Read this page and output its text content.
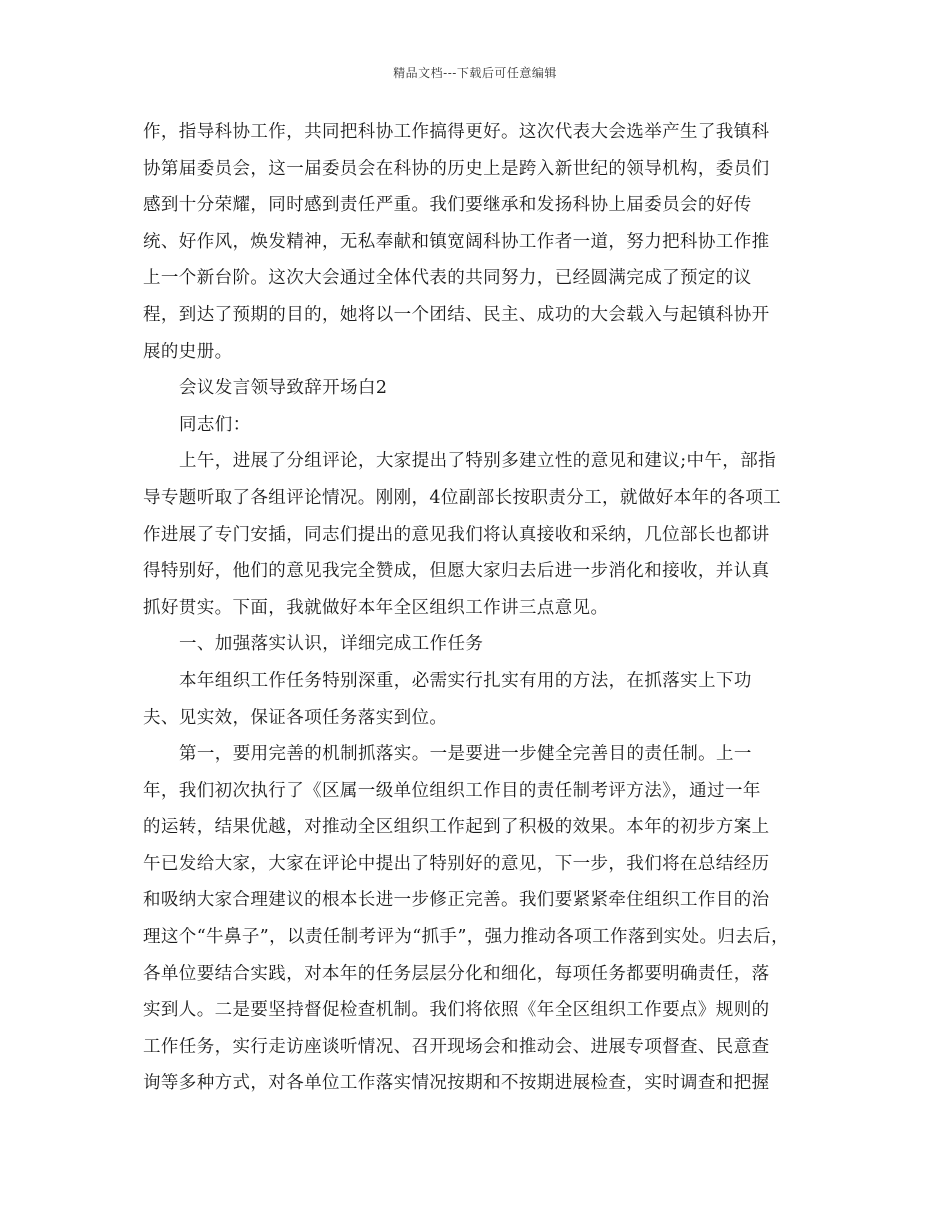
精品文档---下载后可任意编辑
作，指导科协工作，共同把科协工作搞得更好。这次代表大会选举产生了我镇科
协第届委员会，这一届委员会在科协的历史上是跨入新世纪的领导机构，委员们
感到十分荣耀，同时感到责任严重。我们要继承和发扬科协上届委员会的好传
统、好作风，焕发精神，无私奉献和镇宽阔科协工作者一道，努力把科协工作推
上一个新台阶。这次大会通过全体代表的共同努力，已经圆满完成了预定的议
程，到达了预期的目的，她将以一个团结、民主、成功的大会载入与起镇科协开
展的史册。
会议发言领导致辞开场白2
同志们：
上午，进展了分组评论，大家提出了特别多建立性的意见和建议;中午，部指
导专题听取了各组评论情况。刚刚，4位副部长按职责分工，就做好本年的各项工
作进展了专门安插，同志们提出的意见我们将认真接收和采纳，几位部长也都讲
得特别好，他们的意见我完全赞成，但愿大家归去后进一步消化和接收，并认真
抓好贯实。下面，我就做好本年全区组织工作讲三点意见。
一、加强落实认识，详细完成工作任务
本年组织工作任务特别深重，必需实行扎实有用的方法，在抓落实上下功
夫、见实效，保证各项任务落实到位。
第一，要用完善的机制抓落实。一是要进一步健全完善目的责任制。上一
年，我们初次执行了《区属一级单位组织工作目的责任制考评方法》，通过一年
的运转，结果优越，对推动全区组织工作起到了积极的效果。本年的初步方案上
午已发给大家，大家在评论中提出了特别好的意见，下一步，我们将在总结经历
和吸纳大家合理建议的根本长进一步修正完善。我们要紧紧牵住组织工作目的治
理这个“牛鼻子”，以责任制考评为“抓手”，强力推动各项工作落到实处。归去后，
各单位要结合实践，对本年的任务层层分化和细化，每项任务都要明确责任，落
实到人。二是要坚持督促检查机制。我们将依照《年全区组织工作要点》规则的
工作任务，实行走访座谈听情况、召开现场会和推动会、进展专项督查、民意查
询等多种方式，对各单位工作落实情况按期和不按期进展检查，实时调查和把握
